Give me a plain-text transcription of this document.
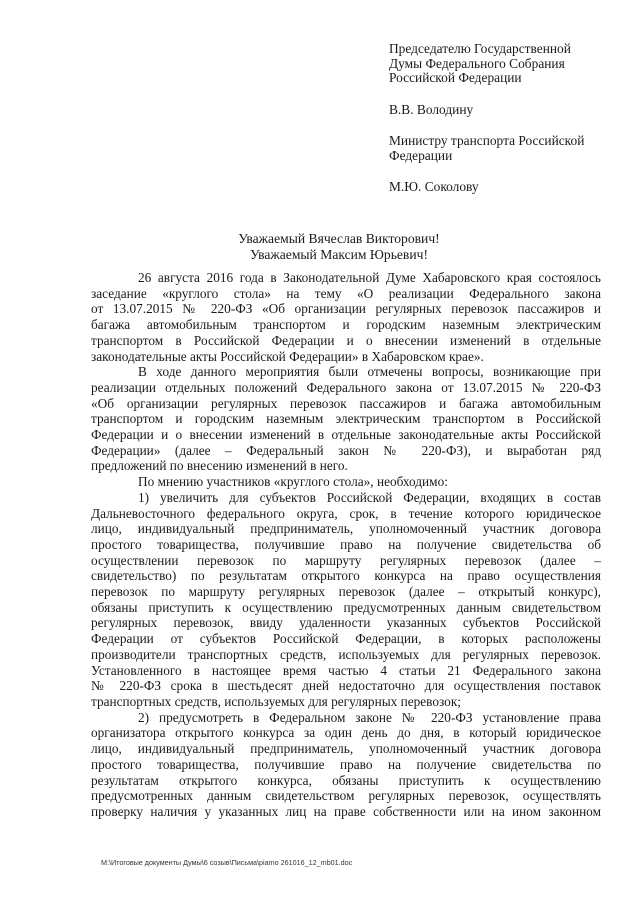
Председателю Государственной
Думы Федерального Собрания
Российской Федерации
В.В. Володину
Министру транспорта Российской
Федерации
М.Ю. Соколову
Уважаемый Вячеслав Викторович!
Уважаемый Максим Юрьевич!
26 августа 2016 года в Законодательной Думе Хабаровского края состоялось
заседание «круглого стола» на тему «О реализации Федерального закона
от 13.07.2015 № 220-ФЗ «Об организации регулярных перевозок пассажиров и
багажа автомобильным транспортом и городским наземным электрическим
транспортом в Российской Федерации и о внесении изменений в отдельные
законодательные акты Российской Федерации» в Хабаровском крае».
В ходе данного мероприятия были отмечены вопросы, возникающие при
реализации отдельных положений Федерального закона от 13.07.2015 № 220-ФЗ
«Об организации регулярных перевозок пассажиров и багажа автомобильным
транспортом и городским наземным электрическим транспортом в Российской
Федерации и о внесении изменений в отдельные законодательные акты Российской
Федерации» (далее – Федеральный закон № 220-ФЗ), и выработан ряд
предложений по внесению изменений в него.
По мнению участников «круглого стола», необходимо:
1) увеличить для субъектов Российской Федерации, входящих в состав
Дальневосточного федерального округа, срок, в течение которого юридическое
лицо, индивидуальный предприниматель, уполномоченный участник договора
простого товарищества, получившие право на получение свидетельства об
осуществлении перевозок по маршруту регулярных перевозок (далее –
свидетельство) по результатам открытого конкурса на право осуществления
перевозок по маршруту регулярных перевозок (далее – открытый конкурс),
обязаны приступить к осуществлению предусмотренных данным свидетельством
регулярных перевозок, ввиду удаленности указанных субъектов Российской
Федерации от субъектов Российской Федерации, в которых расположены
производители транспортных средств, используемых для регулярных перевозок.
Установленного в настоящее время частью 4 статьи 21 Федерального закона
№ 220-ФЗ срока в шестьдесят дней недостаточно для осуществления поставок
транспортных средств, используемых для регулярных перевозок;
2) предусмотреть в Федеральном законе № 220-ФЗ установление права
организатора открытого конкурса за один день до дня, в который юридическое
лицо, индивидуальный предприниматель, уполномоченный участник договора
простого товарищества, получившие право на получение свидетельства по
результатам открытого конкурса, обязаны приступить к осуществлению
предусмотренных данным свидетельством регулярных перевозок, осуществлять
проверку наличия у указанных лиц на праве собственности или на ином законном
M:\Итоговые документы Думы\6 созыв\Письма\piamo 261016_12_mb01.doc
